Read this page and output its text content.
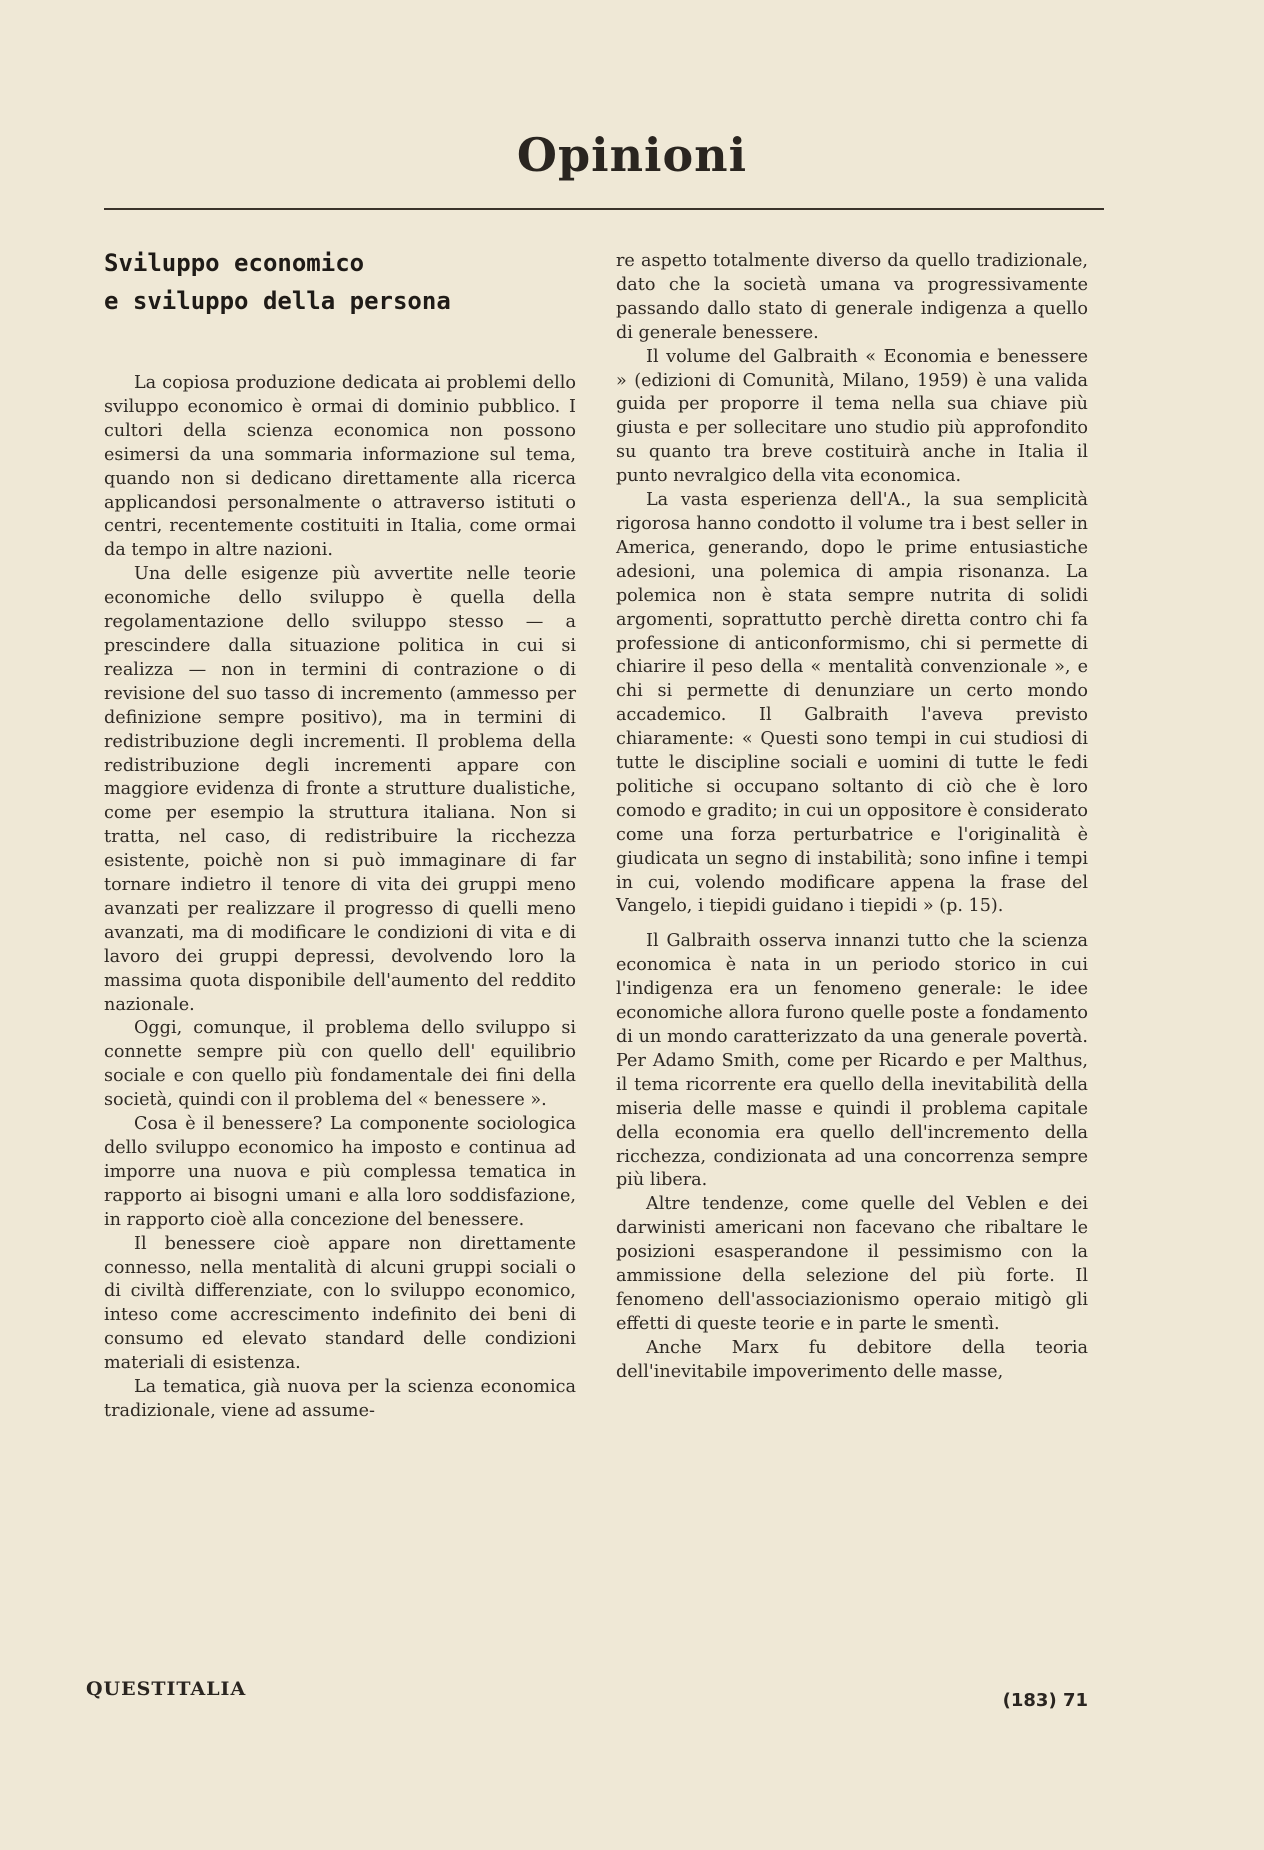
Opinioni
Sviluppo economico
e sviluppo della persona

La copiosa produzione dedicata ai problemi dello sviluppo economico è ormai di dominio pubblico. I cultori della scienza economica non possono esimersi da una sommaria informazione sul tema, quando non si dedicano direttamente alla ricerca applicandosi personalmente o attraverso istituti o centri, recentemente costituiti in Italia, come ormai da tempo in altre nazioni.

Una delle esigenze più avvertite nelle teorie economiche dello sviluppo è quella della regolamentazione dello sviluppo stesso — a prescindere dalla situazione politica in cui si realizza — non in termini di contrazione o di revisione del suo tasso di incremento (ammesso per definizione sempre positivo), ma in termini di redistribuzione degli incrementi. Il problema della redistribuzione degli incrementi appare con maggiore evidenza di fronte a strutture dualistiche, come per esempio la struttura italiana. Non si tratta, nel caso, di redistribuire la ricchezza esistente, poichè non si può immaginare di far tornare indietro il tenore di vita dei gruppi meno avanzati per realizzare il progresso di quelli meno avanzati, ma di modificare le condizioni di vita e di lavoro dei gruppi depressi, devolvendo loro la massima quota disponibile dell'aumento del reddito nazionale.

Oggi, comunque, il problema dello sviluppo si connette sempre più con quello dell' equilibrio sociale e con quello più fondamentale dei fini della società, quindi con il problema del « benessere ».

Cosa è il benessere? La componente sociologica dello sviluppo economico ha imposto e continua ad imporre una nuova e più complessa tematica in rapporto ai bisogni umani e alla loro soddisfazione, in rapporto cioè alla concezione del benessere.

Il benessere cioè appare non direttamente connesso, nella mentalità di alcuni gruppi sociali o di civiltà differenziate, con lo sviluppo economico, inteso come accrescimento indefinito dei beni di consumo ed elevato standard delle condizioni materiali di esistenza.

La tematica, già nuova per la scienza economica tradizionale, viene ad assume-

re aspetto totalmente diverso da quello tradizionale, dato che la società umana va progressivamente passando dallo stato di generale indigenza a quello di generale benessere.

Il volume del Galbraith « Economia e benessere » (edizioni di Comunità, Milano, 1959) è una valida guida per proporre il tema nella sua chiave più giusta e per sollecitare uno studio più approfondito su quanto tra breve costituirà anche in Italia il punto nevralgico della vita economica.

La vasta esperienza dell'A., la sua semplicità rigorosa hanno condotto il volume tra i best seller in America, generando, dopo le prime entusiastiche adesioni, una polemica di ampia risonanza. La polemica non è stata sempre nutrita di solidi argomenti, soprattutto perchè diretta contro chi fa professione di anticonformismo, chi si permette di chiarire il peso della « mentalità convenzionale », e chi si permette di denunziare un certo mondo accademico. Il Galbraith l'aveva previsto chiaramente: « Questi sono tempi in cui studiosi di tutte le discipline sociali e uomini di tutte le fedi politiche si occupano soltanto di ciò che è loro comodo e gradito; in cui un oppositore è considerato come una forza perturbatrice e l'originalità è giudicata un segno di instabilità; sono infine i tempi in cui, volendo modificare appena la frase del Vangelo, i tiepidi guidano i tiepidi » (p. 15).

Il Galbraith osserva innanzi tutto che la scienza economica è nata in un periodo storico in cui l'indigenza era un fenomeno generale: le idee economiche allora furono quelle poste a fondamento di un mondo caratterizzato da una generale povertà. Per Adamo Smith, come per Ricardo e per Malthus, il tema ricorrente era quello della inevitabilità della miseria delle masse e quindi il problema capitale della economia era quello dell'incremento della ricchezza, condizionata ad una concorrenza sempre più libera.

Altre tendenze, come quelle del Veblen e dei darwinisti americani non facevano che ribaltare le posizioni esasperandone il pessimismo con la ammissione della selezione del più forte. Il fenomeno dell'associazionismo operaio mitigò gli effetti di queste teorie e in parte le smentì.

Anche Marx fu debitore della teoria dell'inevitabile impoverimento delle masse,

QUESTITALIA
(183) 71
